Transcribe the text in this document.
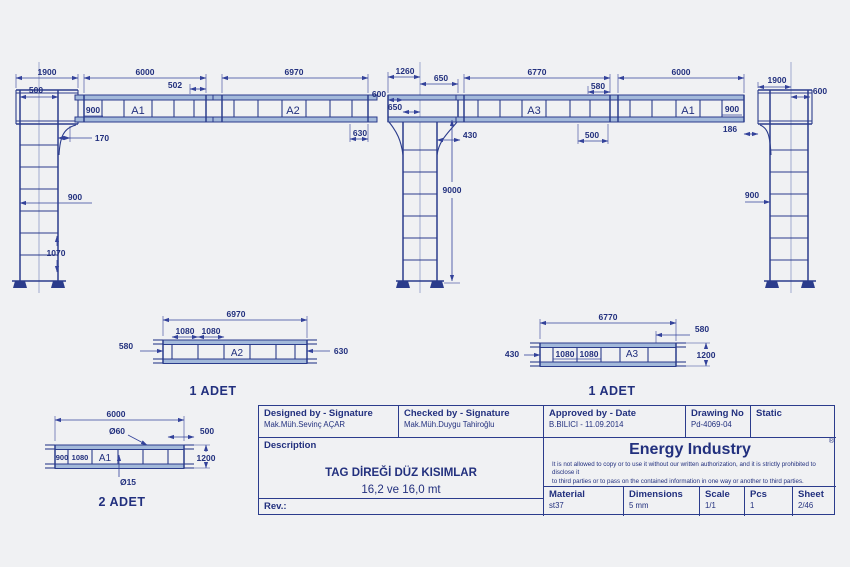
A1	A2
1900
500
6000
502
900
170
900
1070
6970
630
1260
650
600
650
430
9000
A3	A1
6000
6770
580
500
900
186
1900
600
900
A2
1080 1080
6970
580	630
1 ADET
1080 1080	A3
6770
580
430	1200
1 ADET
900 1080 A1
6000
Ø60	500
1200
Ø15
2 ADET
Designed by - Signature
Mak.Müh.Sevinç AÇAR
Checked by - Signature
Mak.Müh.Duygu Tahiroğlu
Approved by - Date
B.BILICI - 11.09.2014
Drawing No
Pd-4069-04
Static
Description
TAG DİREĞİ DÜZ KISIMLAR
16,2 ve 16,0 mt
Rev.:
®
Energy Industry
It is not allowed to copy or to use it without our written authorization, and it is strictly prohibited to disclose it
to third parties or to pass on the contained information in one way or another to third parties.
Material
st37
Dimensions
5 mm
Scale
1/1
Pcs
1
Sheet
2/46
